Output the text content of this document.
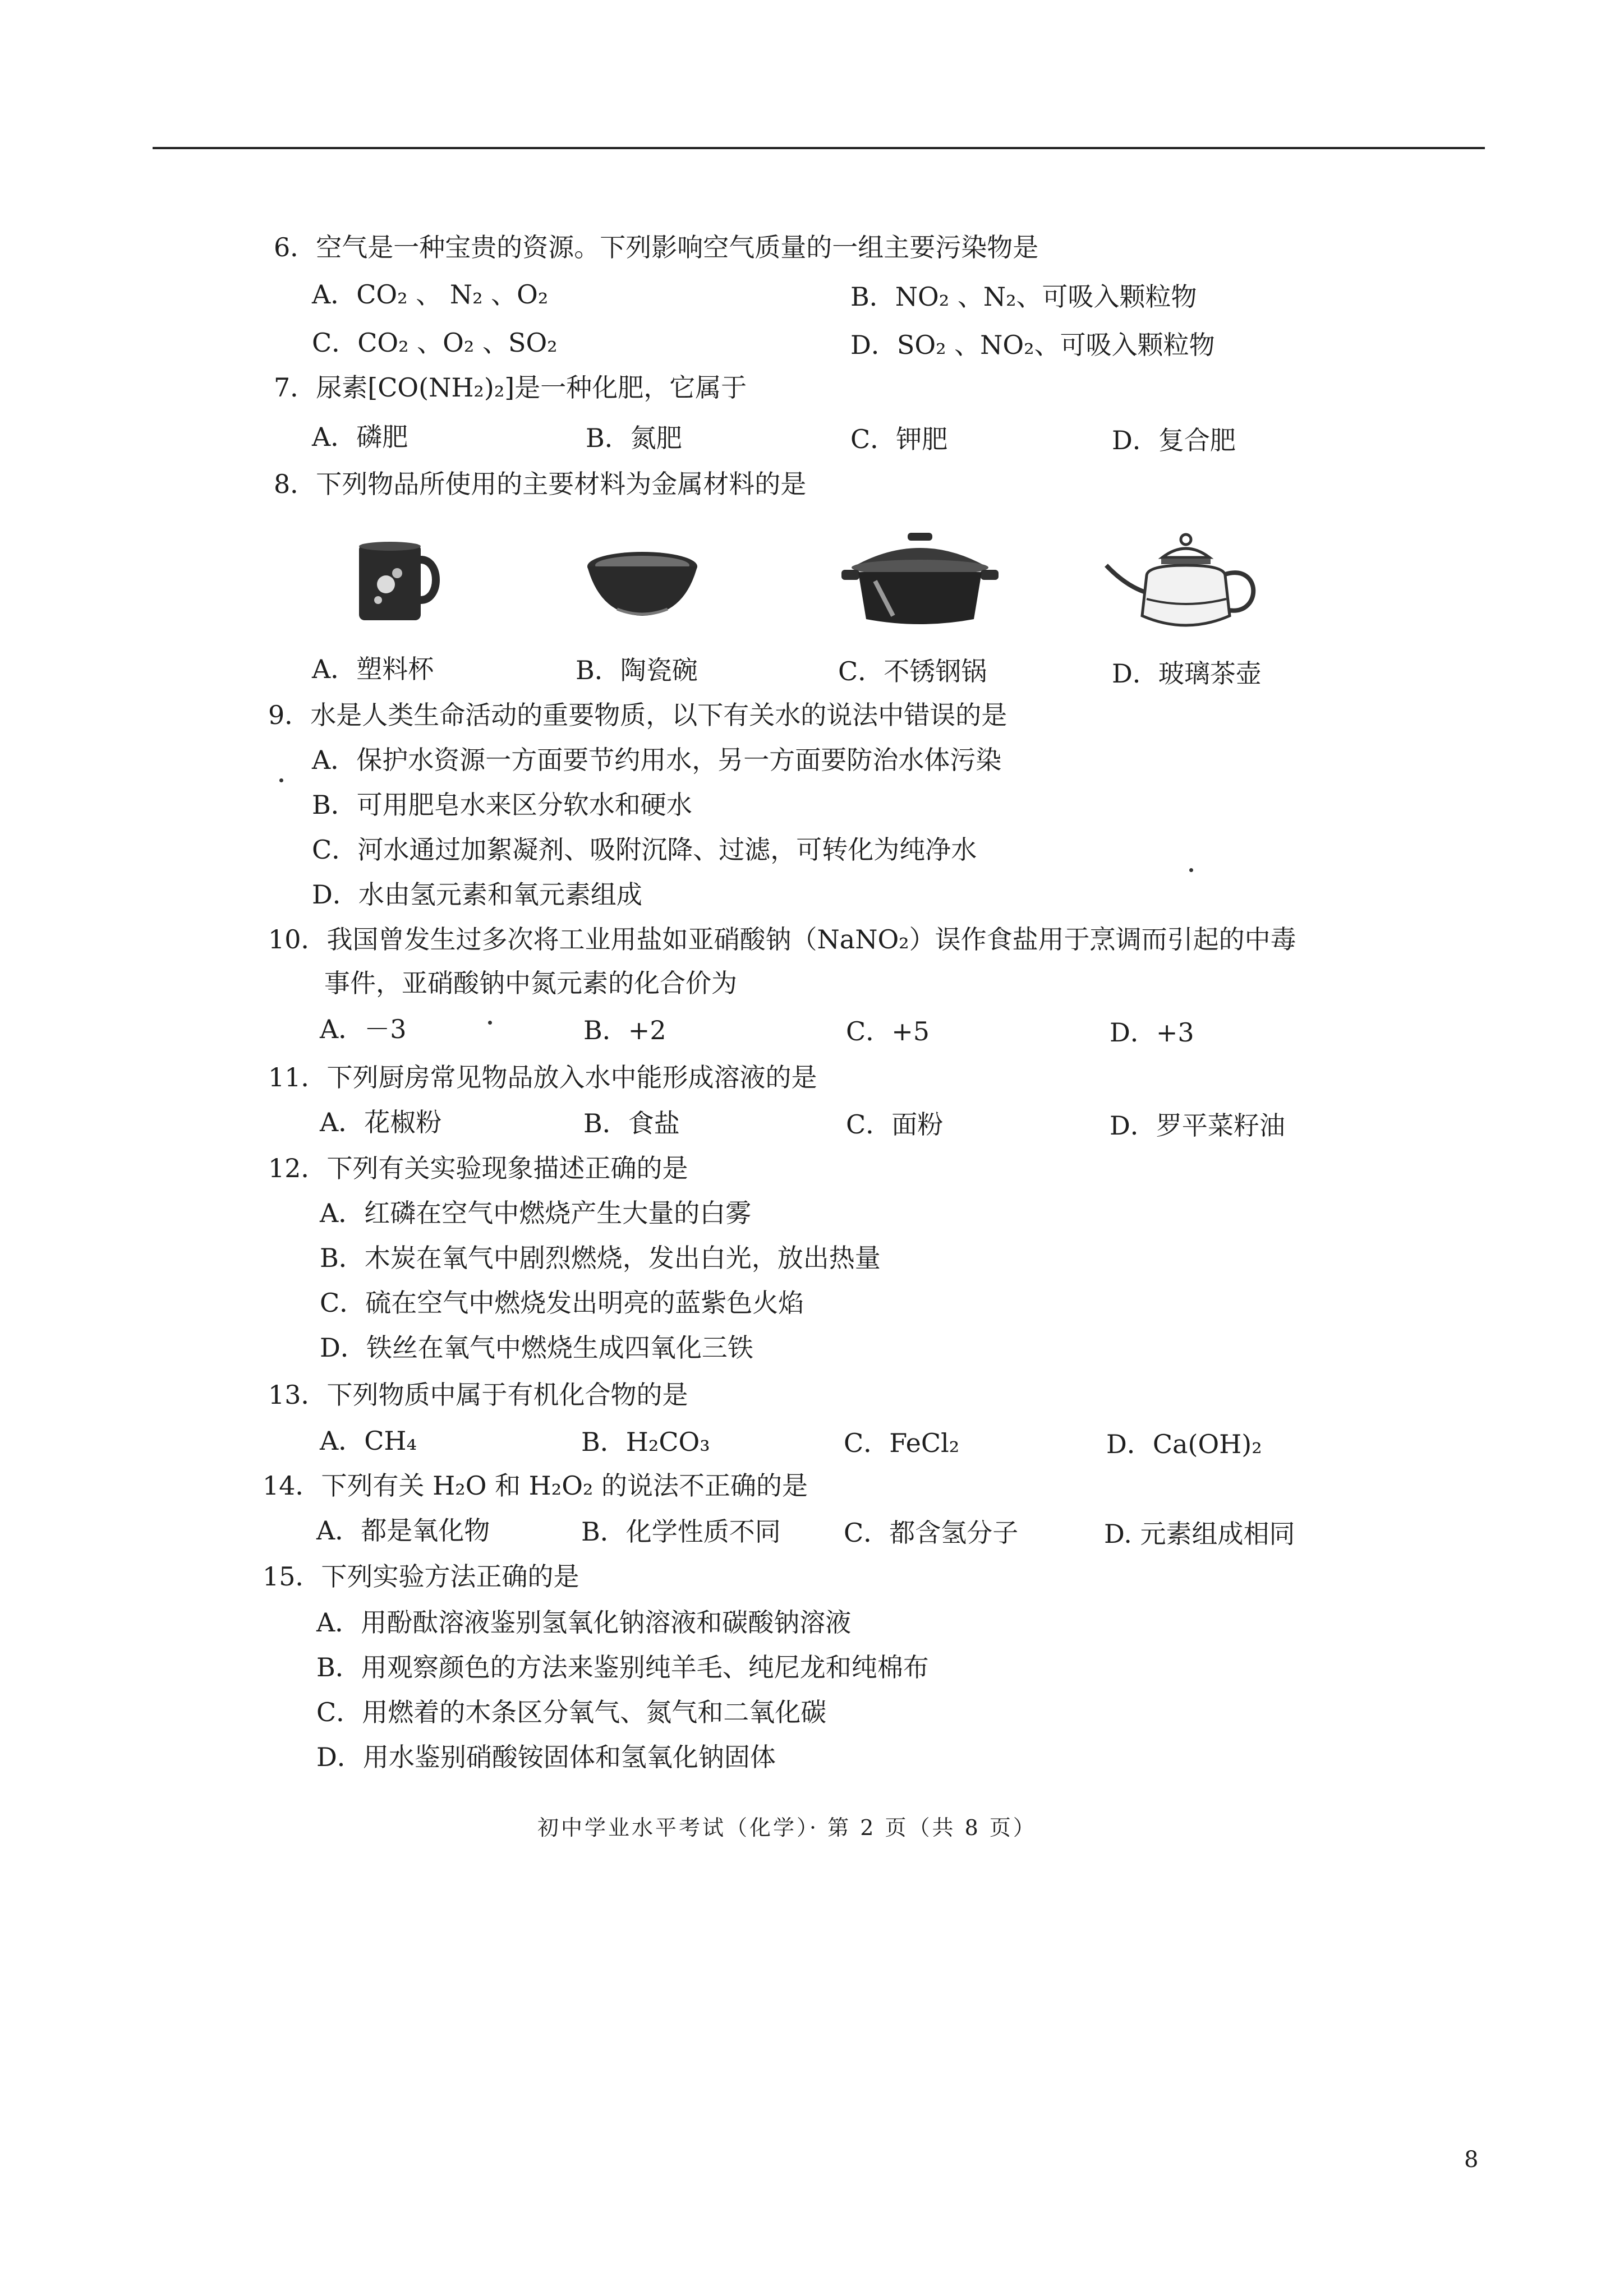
6．空气是一种宝贵的资源。下列影响空气质量的一组主要污染物是
A．CO₂ 、 N₂ 、O₂	B．NO₂ 、N₂、可吸入颗粒物
C．CO₂ 、O₂ 、SO₂	D．SO₂ 、NO₂、可吸入颗粒物
7．尿素[CO(NH₂)₂]是一种化肥，它属于
A．磷肥	B．氮肥	C．钾肥	D．复合肥
8．下列物品所使用的主要材料为金属材料的是
A．塑料杯	B．陶瓷碗	C．不锈钢锅	D．玻璃茶壶
9．水是人类生命活动的重要物质，以下有关水的说法中错误的是
A．保护水资源一方面要节约用水，另一方面要防治水体污染
B．可用肥皂水来区分软水和硬水
C．河水通过加絮凝剂、吸附沉降、过滤，可转化为纯净水
D．水由氢元素和氧元素组成
10．我国曾发生过多次将工业用盐如亚硝酸钠（NaNO₂）误作食盐用于烹调而引起的中毒
事件，亚硝酸钠中氮元素的化合价为
A．－3	B．+2	C．+5	D．+3
11．下列厨房常见物品放入水中能形成溶液的是
A．花椒粉	B．食盐	C．面粉	D．罗平菜籽油
12．下列有关实验现象描述正确的是
A．红磷在空气中燃烧产生大量的白雾
B．木炭在氧气中剧烈燃烧，发出白光，放出热量
C．硫在空气中燃烧发出明亮的蓝紫色火焰
D．铁丝在氧气中燃烧生成四氧化三铁
13．下列物质中属于有机化合物的是
A．CH₄	B．H₂CO₃	C．FeCl₂	D．Ca(OH)₂
14．下列有关 H₂O 和 H₂O₂ 的说法不正确的是
A．都是氧化物	B．化学性质不同 C．都含氢分子	D. 元素组成相同
15．下列实验方法正确的是
A．用酚酞溶液鉴别氢氧化钠溶液和碳酸钠溶液
B．用观察颜色的方法来鉴别纯羊毛、纯尼龙和纯棉布
C．用燃着的木条区分氧气、氮气和二氧化碳
D．用水鉴别硝酸铵固体和氢氧化钠固体
初中学业水平考试（化学）· 第 2 页（共 8 页）
8
